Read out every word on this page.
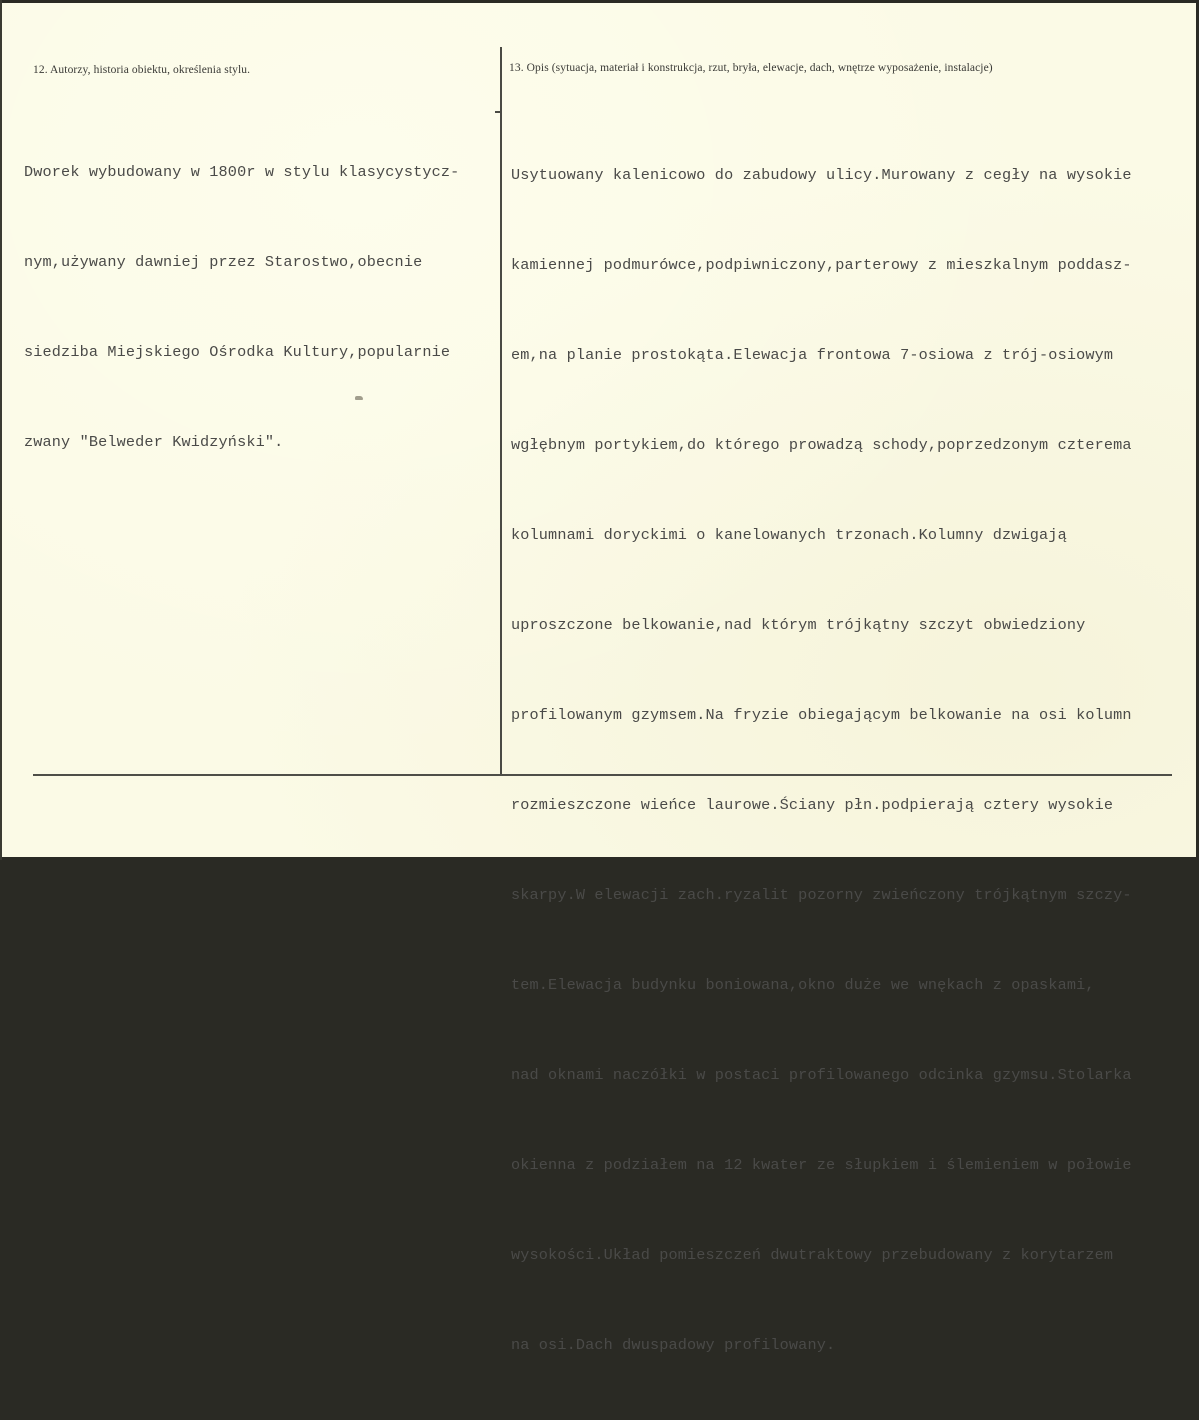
12. Autorzy, historia obiektu, określenia stylu.	13. Opis (sytuacja, materiał i konstrukcja, rzut, bryła, elewacje, dach, wnętrze wyposażenie, instalacje)

Dworek wybudowany w 1800r w stylu klasycystycz-

nym,używany dawniej przez Starostwo,obecnie

siedziba Miejskiego Ośrodka Kultury,popularnie

zwany "Belweder Kwidzyński".

Usytuowany kalenicowo do zabudowy ulicy.Murowany z cegły na wysokie

kamiennej podmurówce,podpiwniczony,parterowy z mieszkalnym poddasz-

em,na planie prostokąta.Elewacja frontowa 7-osiowa z trój-osiowym

wgłębnym portykiem,do którego prowadzą schody,poprzedzonym czterema

kolumnami doryckimi o kanelowanych trzonach.Kolumny dzwigają

uproszczone belkowanie,nad którym trójkątny szczyt obwiedziony

profilowanym gzymsem.Na fryzie obiegającym belkowanie na osi kolumn

rozmieszczone wieńce laurowe.Ściany płn.podpierają cztery wysokie

skarpy.W elewacji zach.ryzalit pozorny zwieńczony trójkątnym szczy-

tem.Elewacja budynku boniowana,okno duże we wnękach z opaskami,

nad oknami naczółki w postaci profilowanego odcinka gzymsu.Stolarka

okienna z podziałem na 12 kwater ze słupkiem i ślemieniem w połowie

wysokości.Układ pomieszczeń dwutraktowy przebudowany z korytarzem

na osi.Dach dwuspadowy profilowany.
